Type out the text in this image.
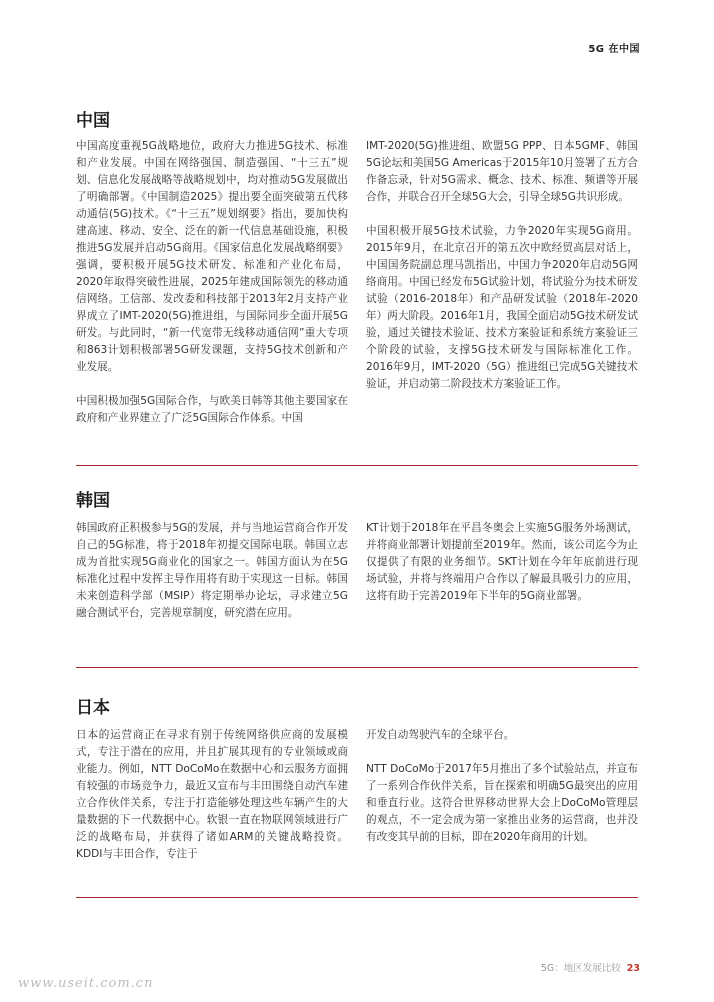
5G 在中国
中国

中国高度重视5G战略地位，政府大力推进5G技术、标准和产业发展。中国在网络强国、制造强国、“十三五”规划、信息化发展战略等战略规划中，均对推动5G发展做出了明确部署。《中国制造2025》提出要全面突破第五代移动通信(5G)技术。《“十三五”规划纲要》指出，要加快构建高速、移动、安全、泛在的新一代信息基础设施，积极推进5G发展并启动5G商用。《国家信息化发展战略纲要》强调，要积极开展5G技术研发、标准和产业化布局，2020年取得突破性进展，2025年建成国际领先的移动通信网络。工信部、发改委和科技部于2013年2月支持产业界成立了IMT-2020(5G)推进组，与国际同步全面开展5G研发。与此同时，“新一代宽带无线移动通信网”重大专项和863计划积极部署5G研发课题，支持5G技术创新和产业发展。

中国积极加强5G国际合作，与欧美日韩等其他主要国家在政府和产业界建立了广泛5G国际合作体系。中国

IMT-2020(5G)推进组、欧盟5G PPP、日本5GMF、韩国5G论坛和美国5G Americas于2015年10月签署了五方合作备忘录，针对5G需求、概念、技术、标准、频谱等开展合作，并联合召开全球5G大会，引导全球5G共识形成。

中国积极开展5G技术试验，力争2020年实现5G商用。2015年9月，在北京召开的第五次中欧经贸高层对话上，中国国务院副总理马凯指出，中国力争2020年启动5G网络商用。中国已经发布5G试验计划，将试验分为技术研发试验（2016-2018年）和产品研发试验（2018年-2020年）两大阶段。2016年1月，我国全面启动5G技术研发试验，通过关键技术验证、技术方案验证和系统方案验证三个阶段的试验，支撑5G技术研发与国际标准化工作。2016年9月，IMT-2020（5G）推进组已完成5G关键技术验证，并启动第二阶段技术方案验证工作。

韩国

韩国政府正积极参与5G的发展，并与当地运营商合作开发自己的5G标准，将于2018年初提交国际电联。韩国立志成为首批实现5G商业化的国家之一。韩国方面认为在5G标准化过程中发挥主导作用将有助于实现这一目标。韩国未来创造科学部（MSIP）将定期举办论坛，寻求建立5G融合测试平台，完善规章制度，研究潜在应用。

KT计划于2018年在平昌冬奥会上实施5G服务外场测试，并将商业部署计划提前至2019年。然而，该公司迄今为止仅提供了有限的业务细节。SKT计划在今年年底前进行现场试验，并将与终端用户合作以了解最具吸引力的应用，这将有助于完善2019年下半年的5G商业部署。

日本

日本的运营商正在寻求有别于传统网络供应商的发展模式，专注于潜在的应用，并且扩展其现有的专业领域或商业能力。例如，NTT DoCoMo在数据中心和云服务方面拥有较强的市场竞争力，最近又宣布与丰田围绕自动汽车建立合作伙伴关系，专注于打造能够处理这些车辆产生的大量数据的下一代数据中心。软银一直在物联网领域进行广泛的战略布局，并获得了诸如ARM的关键战略投资。KDDI与丰田合作，专注于

开发自动驾驶汽车的全球平台。

NTT DoCoMo于2017年5月推出了多个试验站点，并宣布了一系列合作伙伴关系，旨在探索和明确5G最突出的应用和垂直行业。这符合世界移动世界大会上DoCoMo管理层的观点，不一定会成为第一家推出业务的运营商，也并没有改变其早前的目标，即在2020年商用的计划。

5G：地区发展比较 23
www.useit.com.cn
